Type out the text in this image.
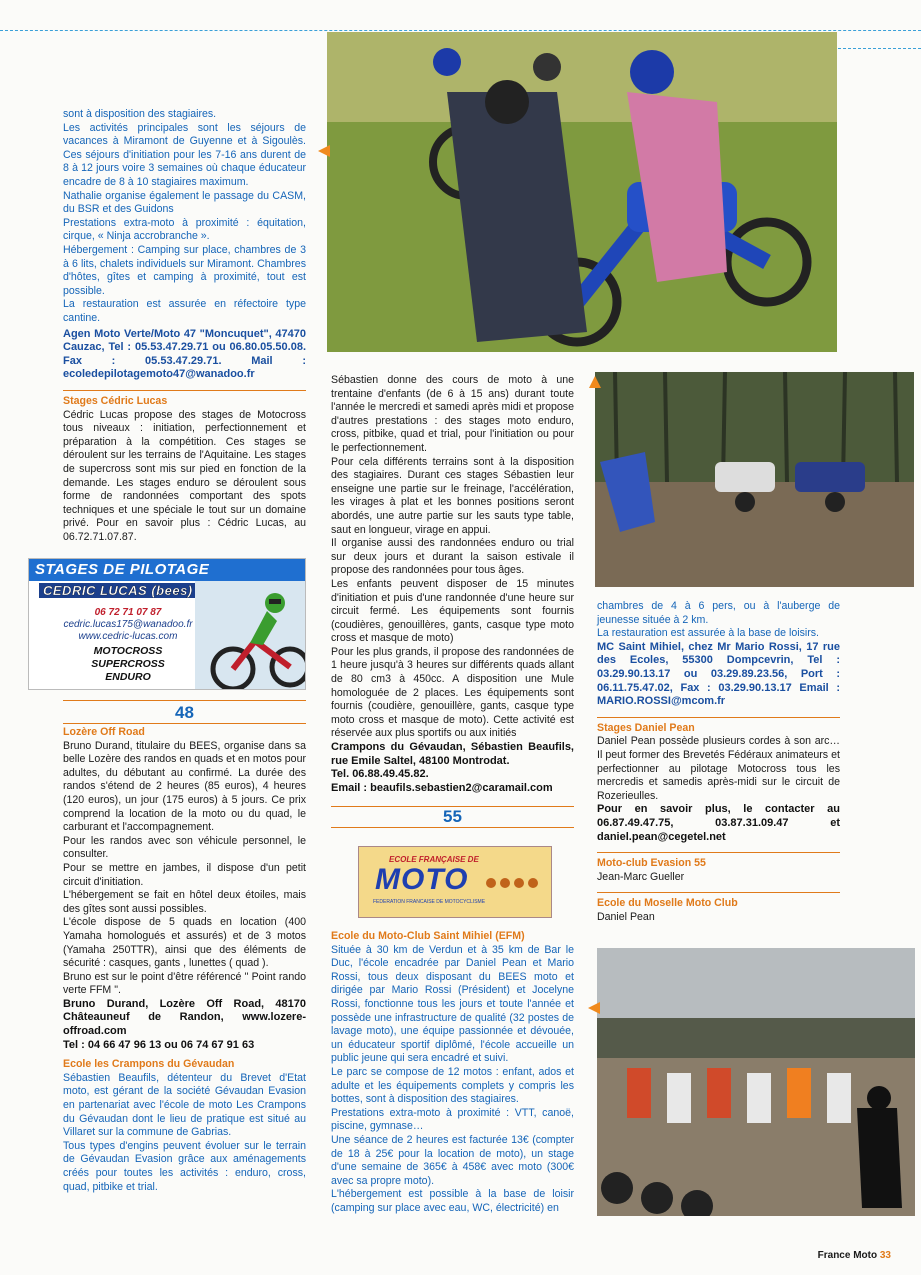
sont à disposition des stagiaires.

Les activités principales sont les séjours de vacances à Miramont de Guyenne et à Sigoulès. Ces séjours d'initiation pour les 7-16 ans durent de 8 à 12 jours voire 3 semaines où chaque éducateur encadre de 8 à 10 stagiaires maximum.

Nathalie organise également le passage du CASM, du BSR et des Guidons

Prestations extra-moto à proximité : équitation, cirque, « Ninja accrobranche ».

Hébergement : Camping sur place, chambres de 3 à 6 lits, chalets individuels sur Miramont. Chambres d'hôtes, gîtes et camping à proximité, tout est possible.

La restauration est assurée en réfectoire type cantine.

Agen Moto Verte/Moto 47 "Moncuquet", 47470 Cauzac, Tel : 05.53.47.29.71 ou 06.80.05.50.08. Fax : 05.53.47.29.71. Mail : ecoledepilotagemoto47@wanadoo.fr

Stages Cédric Lucas

Cédric Lucas propose des stages de Motocross tous niveaux : initiation, perfectionnement et préparation à la compétition. Ces stages se déroulent sur les terrains de l'Aquitaine. Les stages de supercross sont mis sur pied en fonction de la demande. Les stages enduro se déroulent sous forme de randonnées comportant des spots techniques et une spéciale le tout sur un domaine privé. Pour en savoir plus : Cédric Lucas, au 06.72.71.07.87.

STAGES DE PILOTAGE
CEDRIC LUCAS (bees)
06 72 71 07 87
cedric.lucas175@wanadoo.fr
www.cedric-lucas.com
MOTOCROSS
SUPERCROSS
ENDURO
48

Lozère Off Road

Bruno Durand, titulaire du BEES, organise dans sa belle Lozère des randos en quads et en motos pour adultes, du débutant au confirmé. La durée des randos s'étend de 2 heures (85 euros), 4 heures (120 euros), un jour (175 euros) à 5 jours. Ce prix comprend la location de la moto ou du quad, le carburant et l'accompagnement.

Pour les randos avec son véhicule personnel, le consulter.

Pour se mettre en jambes, il dispose d'un petit circuit d'initiation.

L'hébergement se fait en hôtel deux étoiles, mais des gîtes sont aussi possibles.

L'école dispose de 5 quads en location (400 Yamaha homologués et assurés) et de 3 motos (Yamaha 250TTR), ainsi que des éléments de sécurité : casques, gants , lunettes ( quad ).

Bruno est sur le point d'être référencé " Point rando verte FFM ".

Bruno Durand, Lozère Off Road, 48170 Châteauneuf de Randon, www.lozere-offroad.com

Tel : 04 66 47 96 13 ou 06 74 67 91 63

Ecole les Crampons du Gévaudan

Sébastien Beaufils, détenteur du Brevet d'Etat moto, est gérant de la société Gévaudan Evasion en partenariat avec l'école de moto Les Crampons du Gévaudan dont le lieu de pratique est situé au Villaret sur la commune de Gabrias.

Tous types d'engins peuvent évoluer sur le terrain de Gévaudan Evasion grâce aux aménagements créés pour toutes les activités : enduro, cross, quad, pitbike et trial.

Sébastien donne des cours de moto à une trentaine d'enfants (de 6 à 15 ans) durant toute l'année le mercredi et samedi après midi et propose d'autres prestations : des stages moto enduro, cross, pitbike, quad et trial, pour l'initiation ou pour le perfectionnement.

Pour cela différents terrains sont à la disposition des stagiaires. Durant ces stages Sébastien leur enseigne une partie sur le freinage, l'accélération, les virages à plat et les bonnes positions seront abordés, une autre partie sur les sauts type table, saut en longueur, virage en appui.

Il organise aussi des randonnées enduro ou trial sur deux jours et durant la saison estivale il propose des randonnées pour tous âges.

Les enfants peuvent disposer de 15 minutes d'initiation et puis d'une randonnée d'une heure sur circuit fermé. Les équipements sont fournis (coudières, genouillères, gants, casque type moto cross et masque de moto)

Pour les plus grands, il propose des randonnées de 1 heure jusqu'à 3 heures sur différents quads allant de 80 cm3 à 450cc. A disposition une Mule homologuée de 2 places. Les équipements sont fournis (coudière, genouillère, gants, casque type moto cross et masque de moto). Cette activité est réservée aux plus sportifs ou aux initiés

Crampons du Gévaudan, Sébastien Beaufils, rue Emile Saltel, 48100 Montrodat.

Tel. 06.88.49.45.82.

Email : beaufils.sebastien2@caramail.com

55
ECOLE FRANÇAISE DE
MOTO
FEDERATION FRANCAISE DE MOTOCYCLISME

Ecole du Moto-Club Saint Mihiel (EFM)

Située à 30 km de Verdun et à 35 km de Bar le Duc, l'école encadrée par Daniel Pean et Mario Rossi, tous deux disposant du BEES moto et dirigée par Mario Rossi (Président) et Jocelyne Rossi, fonctionne tous les jours et toute l'année et possède une infrastructure de qualité (32 postes de lavage moto), une équipe passionnée et dévouée, un éducateur sportif diplômé, l'école accueille un public jeune qui sera encadré et suivi.

Le parc se compose de 12 motos : enfant, ados et adulte et les équipements complets y compris les bottes, sont à disposition des stagiaires.

Prestations extra-moto à proximité : VTT, canoë, piscine, gymnase…

Une séance de 2 heures est facturée 13€ (compter de 18 à 25€ pour la location de moto), un stage d'une semaine de 365€ à 458€ avec moto (300€ avec sa propre moto).

L'hébergement est possible à la base de loisir (camping sur place avec eau, WC, électricité) en

chambres de 4 à 6 pers, ou à l'auberge de jeunesse située à 2 km.

La restauration est assurée à la base de loisirs.

MC Saint Mihiel, chez Mr Mario Rossi, 17 rue des Ecoles, 55300 Dompcevrin, Tel : 03.29.90.13.17 ou 03.29.89.23.56, Port : 06.11.75.47.02, Fax : 03.29.90.13.17 Email : MARIO.ROSSI@mcom.fr

Stages Daniel Pean

Daniel Pean possède plusieurs cordes à son arc… Il peut former des Brevetés Fédéraux animateurs et perfectionner au pilotage Motocross tous les mercredis et samedis après-midi sur le circuit de Rozerieulles.

Pour en savoir plus, le contacter au 06.87.49.47.75, 03.87.31.09.47 et daniel.pean@cegetel.net

Moto-club Evasion 55

Jean-Marc Gueller

Ecole du Moselle Moto Club

Daniel Pean

France Moto 33
